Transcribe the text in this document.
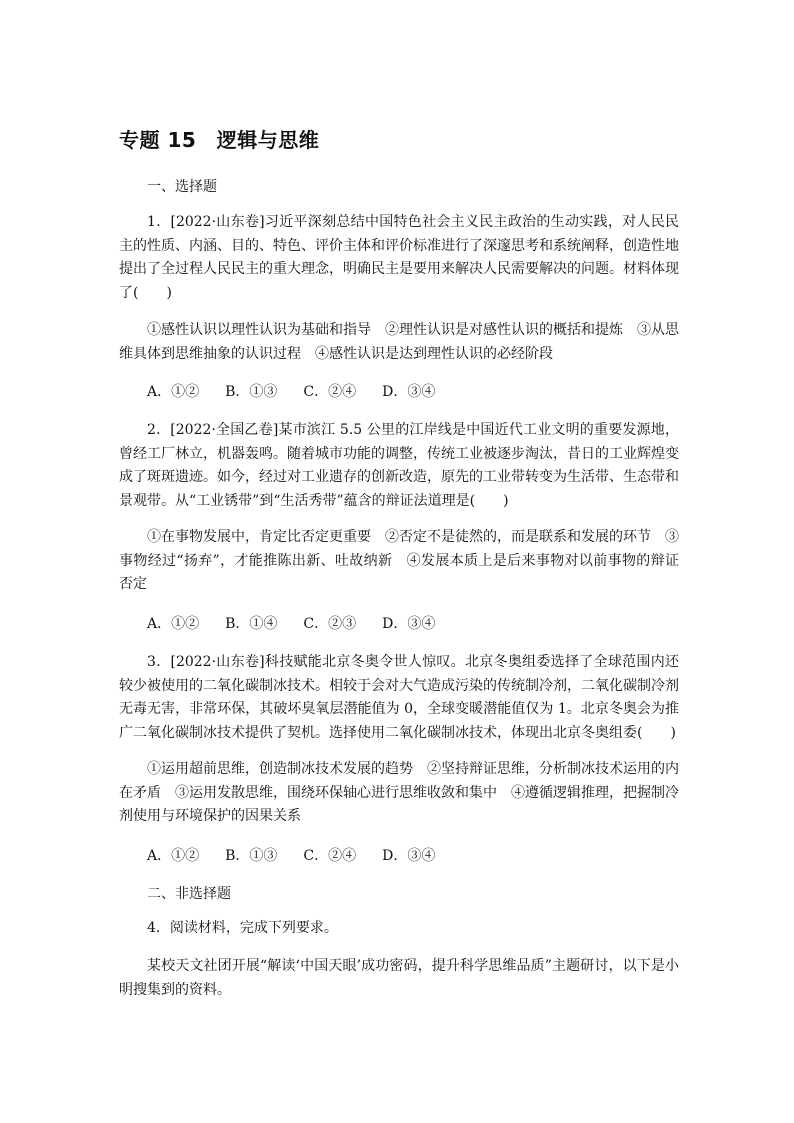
专题 15　逻辑与思维
一、选择题

1．[2022·山东卷]习近平深刻总结中国特色社会主义民主政治的生动实践，对人民民主的性质、内涵、目的、特色、评价主体和评价标准进行了深邃思考和系统阐释，创造性地提出了全过程人民民主的重大理念，明确民主是要用来解决人民需要解决的问题。材料体现了(　　)

①感性认识以理性认识为基础和指导　②理性认识是对感性认识的概括和提炼　③从思维具体到思维抽象的认识过程　④感性认识是达到理性认识的必经阶段

A．①② B．①③ C．②④ D．③④

2．[2022·全国乙卷]某市滨江 5.5 公里的江岸线是中国近代工业文明的重要发源地，曾经工厂林立，机器轰鸣。随着城市功能的调整，传统工业被逐步淘汰，昔日的工业辉煌变成了斑斑遗迹。如今，经过对工业遗存的创新改造，原先的工业带转变为生活带、生态带和景观带。从“工业锈带”到“生活秀带”蕴含的辩证法道理是(　　)

①在事物发展中，肯定比否定更重要　②否定不是徒然的，而是联系和发展的环节　③事物经过“扬弃”，才能推陈出新、吐故纳新　④发展本质上是后来事物对以前事物的辩证否定

A．①② B．①④ C．②③ D．③④

3．[2022·山东卷]科技赋能北京冬奥令世人惊叹。北京冬奥组委选择了全球范围内还较少被使用的二氧化碳制冰技术。相较于会对大气造成污染的传统制冷剂，二氧化碳制冷剂无毒无害，非常环保，其破坏臭氧层潜能值为 0，全球变暖潜能值仅为 1。北京冬奥会为推广二氧化碳制冰技术提供了契机。选择使用二氧化碳制冰技术，体现出北京冬奥组委(　　)

①运用超前思维，创造制冰技术发展的趋势　②坚持辩证思维，分析制冰技术运用的内在矛盾　③运用发散思维，围绕环保轴心进行思维收敛和集中　④遵循逻辑推理，把握制冷剂使用与环境保护的因果关系

A．①② B．①③ C．②④ D．③④
二、非选择题

4．阅读材料，完成下列要求。

某校天文社团开展“解读‘中国天眼’成功密码，提升科学思维品质”主题研讨，以下是小明搜集到的资料。
